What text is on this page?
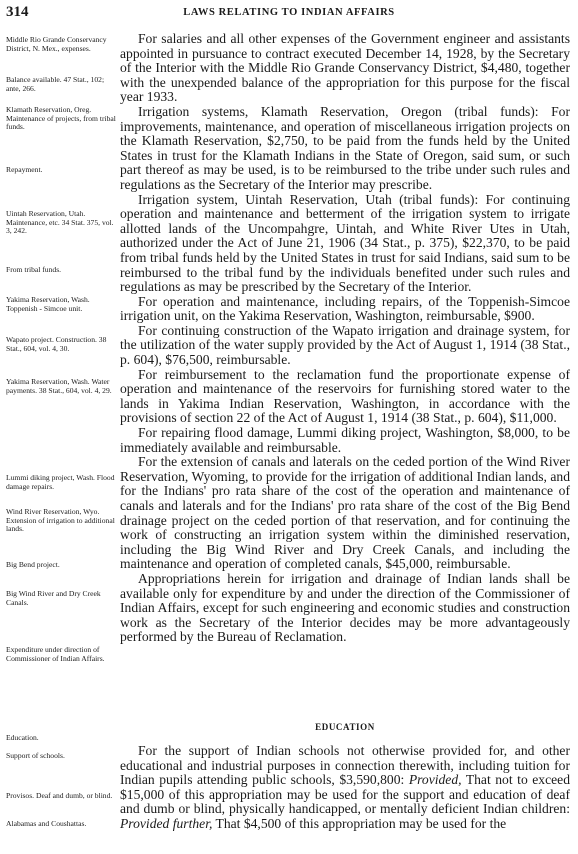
314	LAWS RELATING TO INDIAN AFFAIRS
Middle Rio Grande Conservancy District, N. Mex., expenses.
Balance available. 47 Stat., 102; ante, 266.
Klamath Reservation, Oreg. Maintenance of projects, from tribal funds.
Repayment.
Uintah Reservation, Utah. Maintenance, etc. 34 Stat. 375, vol. 3, 242.
From tribal funds.
Yakima Reservation, Wash. Toppenish - Simcoe unit.
Wapato project. Construction. 38 Stat., 604, vol. 4, 30.
Yakima Reservation, Wash. Water payments. 38 Stat., 604, vol. 4, 29.
Lummi diking project, Wash. Flood damage repairs.
Wind River Reservation, Wyo. Extension of irrigation to additional lands.
Big Bend project.
Big Wind River and Dry Creek Canals.
Expenditure under direction of Commissioner of Indian Affairs.
Education.
Support of schools.
Provisos. Deaf and dumb, or blind.
Alabamas and Coushattas.

For salaries and all other expenses of the Government engineer and assistants appointed in pursuance to contract executed December 14, 1928, by the Secretary of the Interior with the Middle Rio Grande Conservancy District, $4,480, together with the unexpended balance of the appropriation for this purpose for the fiscal year 1933.

Irrigation systems, Klamath Reservation, Oregon (tribal funds): For improvements, maintenance, and operation of miscellaneous irrigation projects on the Klamath Reservation, $2,750, to be paid from the funds held by the United States in trust for the Klamath Indians in the State of Oregon, said sum, or such part thereof as may be used, is to be reimbursed to the tribe under such rules and regulations as the Secretary of the Interior may prescribe.

Irrigation system, Uintah Reservation, Utah (tribal funds): For continuing operation and maintenance and betterment of the irrigation system to irrigate allotted lands of the Uncompahgre, Uintah, and White River Utes in Utah, authorized under the Act of June 21, 1906 (34 Stat., p. 375), $22,370, to be paid from tribal funds held by the United States in trust for said Indians, said sum to be reimbursed to the tribal fund by the individuals benefited under such rules and regulations as may be prescribed by the Secretary of the Interior.

For operation and maintenance, including repairs, of the Toppenish-Simcoe irrigation unit, on the Yakima Reservation, Washington, reimbursable, $900.

For continuing construction of the Wapato irrigation and drainage system, for the utilization of the water supply provided by the Act of August 1, 1914 (38 Stat., p. 604), $76,500, reimbursable.

For reimbursement to the reclamation fund the proportionate expense of operation and maintenance of the reservoirs for furnishing stored water to the lands in Yakima Indian Reservation, Washington, in accordance with the provisions of section 22 of the Act of August 1, 1914 (38 Stat., p. 604), $11,000.

For repairing flood damage, Lummi diking project, Washington, $8,000, to be immediately available and reimbursable.

For the extension of canals and laterals on the ceded portion of the Wind River Reservation, Wyoming, to provide for the irrigation of additional Indian lands, and for the Indians' pro rata share of the cost of the operation and maintenance of canals and laterals and for the Indians' pro rata share of the cost of the Big Bend drainage project on the ceded portion of that reservation, and for continuing the work of constructing an irrigation system within the diminished reservation, including the Big Wind River and Dry Creek Canals, and including the maintenance and operation of completed canals, $45,000, reimbursable.

Appropriations herein for irrigation and drainage of Indian lands shall be available only for expenditure by and under the direction of the Commissioner of Indian Affairs, except for such engineering and economic studies and construction work as the Secretary of the Interior decides may be more advantageously performed by the Bureau of Reclamation.

EDUCATION

For the support of Indian schools not otherwise provided for, and other educational and industrial purposes in connection therewith, including tuition for Indian pupils attending public schools, $3,590,800: Provided, That not to exceed $15,000 of this appropriation may be used for the support and education of deaf and dumb or blind, physically handicapped, or mentally deficient Indian children: Provided further, That $4,500 of this appropriation may be used for the
